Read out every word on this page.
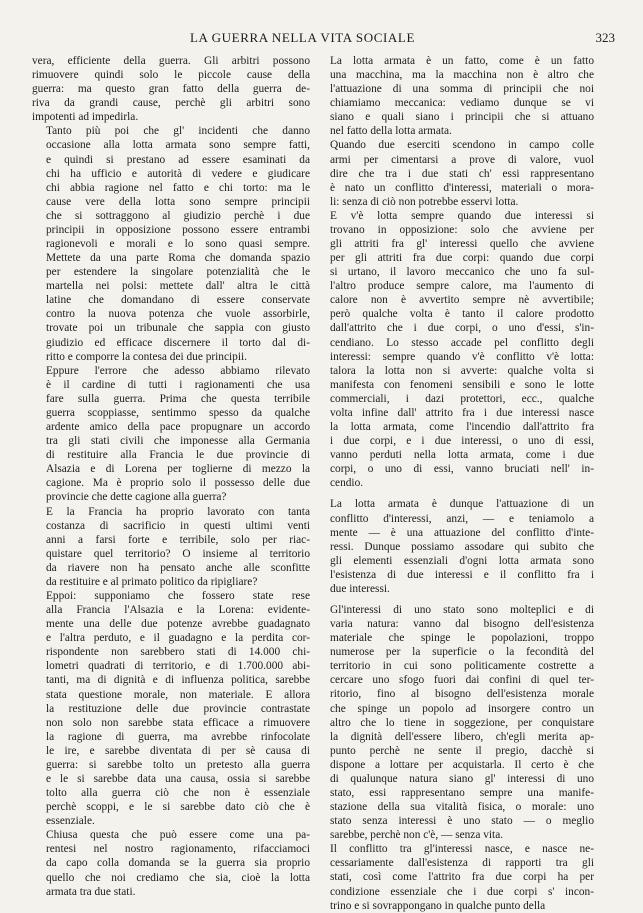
LA GUERRA NELLA VITA SOCIALE	323

vera, efficiente della guerra. Gli arbitri possono
rimuovere quindi solo le piccole cause della
guerra: ma questo gran fatto della guerra de-
riva da grandi cause, perchè gli arbitri sono
impotenti ad impedirla.

Tanto più poi che gl' incidenti che danno
occasione alla lotta armata sono sempre fatti,
e quindi si prestano ad essere esaminati da
chi ha ufficio e autorità di vedere e giudicare
chi abbia ragione nel fatto e chi torto: ma le
cause vere della lotta sono sempre principii
che si sottraggono al giudizio perchè i due
principii in opposizione possono essere entrambi
ragionevoli e morali e lo sono quasi sempre.
Mettete da una parte Roma che domanda spazio
per estendere la singolare potenzialità che le
martella nei polsi: mettete dall' altra le città
latine che domandano di essere conservate
contro la nuova potenza che vuole assorbirle,
trovate poi un tribunale che sappia con giusto
giudizio ed efficace discernere il torto dal di-
ritto e comporre la contesa dei due principii.

Eppure l'errore che adesso abbiamo rilevato
è il cardine di tutti i ragionamenti che usa
fare sulla guerra. Prima che questa terribile
guerra scoppiasse, sentimmo spesso da qualche
ardente amico della pace propugnare un accordo
tra gli stati civili che imponesse alla Germania
di restituire alla Francia le due provincie di
Alsazia e di Lorena per toglierne di mezzo la
cagione. Ma è proprio solo il possesso delle due
provincie che dette cagione alla guerra?

E la Francia ha proprio lavorato con tanta
costanza di sacrificio in questi ultimi venti
anni a farsi forte e terribile, solo per riac-
quistare quel territorio? O insieme al territorio
da riavere non ha pensato anche alle sconfitte
da restituire e al primato politico da ripigliare?

Eppoi: supponiamo che fossero state rese
alla Francia l'Alsazia e la Lorena: evidente-
mente una delle due potenze avrebbe guadagnato
e l'altra perduto, e il guadagno e la perdita cor-
rispondente non sarebbero stati di 14.000 chi-
lometri quadrati di territorio, e di 1.700.000 abi-
tanti, ma di dignità e di influenza politica, sarebbe
stata questione morale, non materiale. E allora
la restituzione delle due provincie contrastate
non solo non sarebbe stata efficace a rimuovere
la ragione di guerra, ma avrebbe rinfocolate
le ire, e sarebbe diventata di per sè causa di
guerra: si sarebbe tolto un pretesto alla guerra
e le si sarebbe data una causa, ossia si sarebbe
tolto alla guerra ciò che non è essenziale
perchè scoppi, e le si sarebbe dato ciò che è
essenziale.

Chiusa questa che può essere come una pa-
rentesi nel nostro ragionamento, rifacciamoci
da capo colla domanda se la guerra sia proprio
quello che noi crediamo che sia, cioè la lotta
armata tra due stati.

La lotta armata è un fatto, come è un fatto
una macchina, ma la macchina non è altro che
l'attuazione di una somma di principii che noi
chiamiamo meccanica: vediamo dunque se vi
siano e quali siano i principii che si attuano
nel fatto della lotta armata.

Quando due eserciti scendono in campo colle
armi per cimentarsi a prove di valore, vuol
dire che tra i due stati ch' essi rappresentano
è nato un conflitto d'interessi, materiali o mora-
li: senza di ciò non potrebbe esservi lotta.

E v'è lotta sempre quando due interessi si
trovano in opposizione: solo che avviene per
gli attriti fra gl' interessi quello che avviene
per gli attriti fra due corpi: quando due corpi
si urtano, il lavoro meccanico che uno fa sul-
l'altro produce sempre calore, ma l'aumento di
calore non è avvertito sempre nè avvertibile;
però qualche volta è tanto il calore prodotto
dall'attrito che i due corpi, o uno d'essi, s'in-
cendiano. Lo stesso accade pel conflitto degli
interessi: sempre quando v'è conflitto v'è lotta:
talora la lotta non si avverte: qualche volta si
manifesta con fenomeni sensibili e sono le lotte
commerciali, i dazi protettori, ecc., qualche
volta infine dall' attrito fra i due interessi nasce
la lotta armata, come l'incendio dall'attrito fra
i due corpi, e i due interessi, o uno di essi,
vanno perduti nella lotta armata, come i due
corpi, o uno di essi, vanno bruciati nell' in-
cendio.

La lotta armata è dunque l'attuazione di un
conflitto d'interessi, anzi, — e teniamolo a
mente — è una attuazione del conflitto d'inte-
ressi. Dunque possiamo assodare qui subito che
gli elementi essenziali d'ogni lotta armata sono
l'esistenza di due interessi e il conflitto fra i
due interessi.

Gl'interessi di uno stato sono molteplici e di
varia natura: vanno dal bisogno dell'esistenza
materiale che spinge le popolazioni, troppo
numerose per la superficie o la fecondità del
territorio in cui sono politicamente costrette a
cercare uno sfogo fuori dai confini di quel ter-
ritorio, fino al bisogno dell'esistenza morale
che spinge un popolo ad insorgere contro un
altro che lo tiene in soggezione, per conquistare
la dignità dell'essere libero, ch'egli merita ap-
punto perchè ne sente il pregio, dacchè si
dispone a lottare per acquistarla. Il certo è che
di qualunque natura siano gl' interessi di uno
stato, essi rappresentano sempre una manife-
stazione della sua vitalità fisica, o morale: uno
stato senza interessi è uno stato — o meglio
sarebbe, perchè non c'è, — senza vita.

Il conflitto tra gl'interessi nasce, e nasce ne-
cessariamente dall'esistenza di rapporti tra gli
stati, così come l'attrito fra due corpi ha per
condizione essenziale che i due corpi s' incon-
trino e si sovrappongano in qualche punto della
